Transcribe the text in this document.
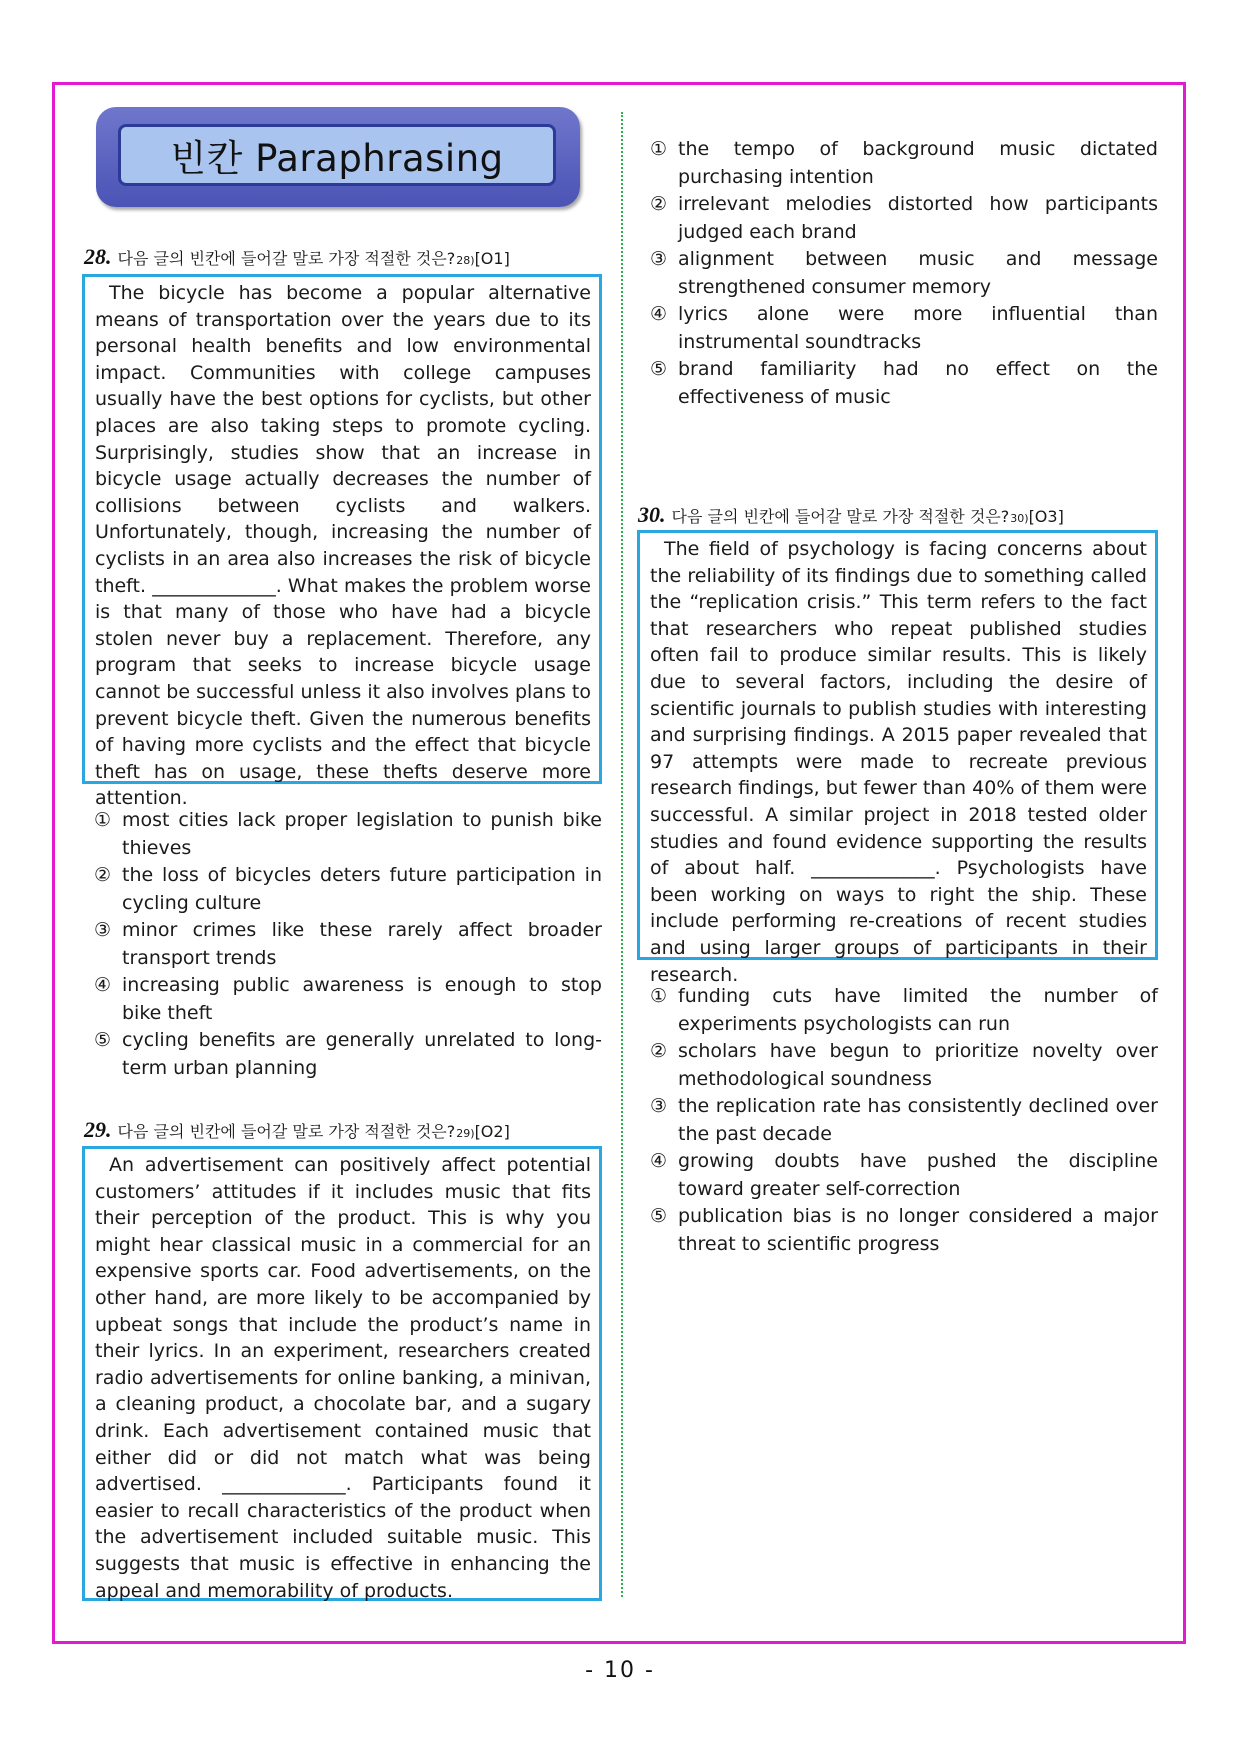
빈칸 Paraphrasing
28. 다음 글의 빈칸에 들어갈 말로 가장 적절한 것은? 28) [O1]

The bicycle has become a popular alternative means of transportation over the years due to its personal health benefits and low environmental impact. Communities with college campuses usually have the best options for cyclists, but other places are also taking steps to promote cycling. Surprisingly, studies show that an increase in bicycle usage actually decreases the number of collisions between cyclists and walkers. Unfortunately, though, increasing the number of cyclists in an area also increases the risk of bicycle theft. _____________. What makes the problem worse is that many of those who have had a bicycle stolen never buy a replacement. Therefore, any program that seeks to increase bicycle usage cannot be successful unless it also involves plans to prevent bicycle theft. Given the numerous benefits of having more cyclists and the effect that bicycle theft has on usage, these thefts deserve more attention.

① most cities lack proper legislation to punish bike thieves
② the loss of bicycles deters future participation in cycling culture
③ minor crimes like these rarely affect broader transport trends
④ increasing public awareness is enough to stop bike theft
⑤ cycling benefits are generally unrelated to long-term urban planning
29. 다음 글의 빈칸에 들어갈 말로 가장 적절한 것은? 29) [O2]

An advertisement can positively affect potential customers’ attitudes if it includes music that fits their perception of the product. This is why you might hear classical music in a commercial for an expensive sports car. Food advertisements, on the other hand, are more likely to be accompanied by upbeat songs that include the product’s name in their lyrics. In an experiment, researchers created radio advertisements for online banking, a minivan, a cleaning product, a chocolate bar, and a sugary drink. Each advertisement contained music that either did or did not match what was being advertised. _____________. Participants found it easier to recall characteristics of the product when the advertisement included suitable music. This suggests that music is effective in enhancing the appeal and memorability of products.

① the tempo of background music dictated purchasing intention
② irrelevant melodies distorted how participants judged each brand
③ alignment between music and message strengthened consumer memory
④ lyrics alone were more influential than instrumental soundtracks
⑤ brand familiarity had no effect on the effectiveness of music
30. 다음 글의 빈칸에 들어갈 말로 가장 적절한 것은? 30) [O3]

The field of psychology is facing concerns about the reliability of its findings due to something called the “replication crisis.” This term refers to the fact that researchers who repeat published studies often fail to produce similar results. This is likely due to several factors, including the desire of scientific journals to publish studies with interesting and surprising findings. A 2015 paper revealed that 97 attempts were made to recreate previous research findings, but fewer than 40% of them were successful. A similar project in 2018 tested older studies and found evidence supporting the results of about half. _____________. Psychologists have been working on ways to right the ship. These include performing re-creations of recent studies and using larger groups of participants in their research.

① funding cuts have limited the number of experiments psychologists can run
② scholars have begun to prioritize novelty over methodological soundness
③ the replication rate has consistently declined over the past decade
④ growing doubts have pushed the discipline toward greater self-correction
⑤ publication bias is no longer considered a major threat to scientific progress
- 10 -
